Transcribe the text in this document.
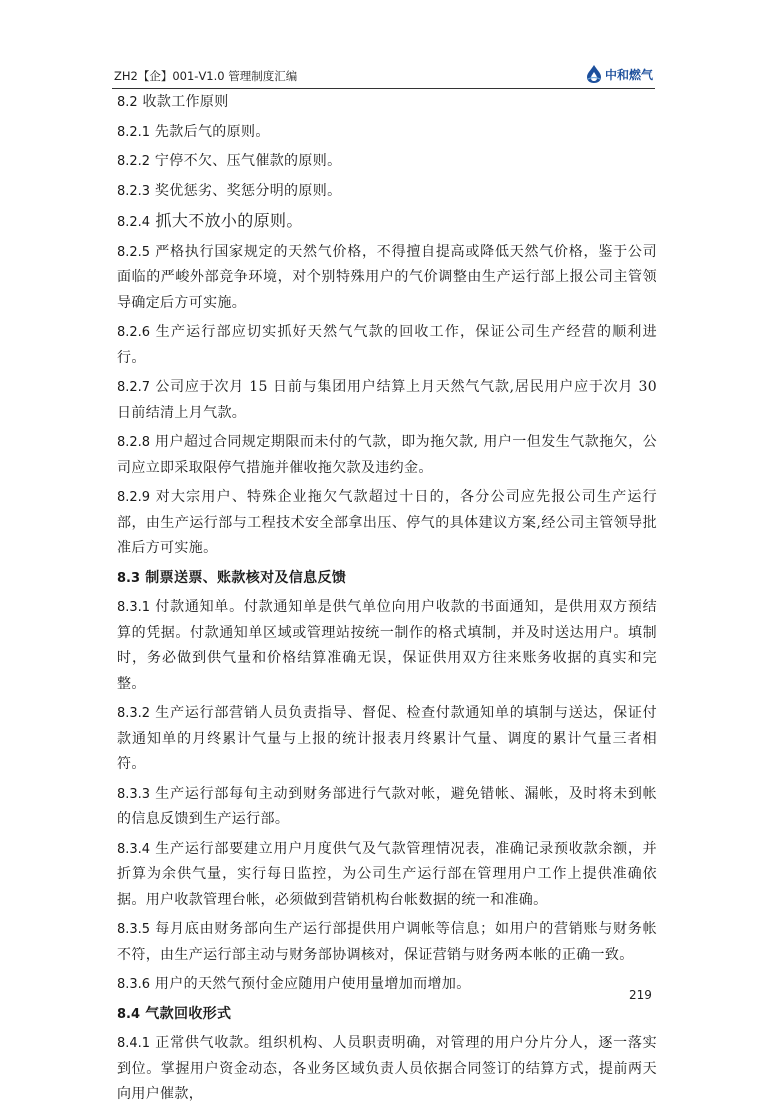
ZH2【企】001-V1.0 管理制度汇编	中和燃气

8.2 收款工作原则

8.2.1 先款后气的原则。

8.2.2 宁停不欠、压气催款的原则。

8.2.3 奖优惩劣、奖惩分明的原则。

8.2.4 抓大不放小的原则。

8.2.5 严格执行国家规定的天然气价格，不得擅自提高或降低天然气价格，鉴于公司面临的严峻外部竞争环境，对个别特殊用户的气价调整由生产运行部上报公司主管领导确定后方可实施。

8.2.6 生产运行部应切实抓好天然气气款的回收工作，保证公司生产经营的顺利进行。

8.2.7 公司应于次月 15 日前与集团用户结算上月天然气气款,居民用户应于次月 30 日前结清上月气款。

8.2.8 用户超过合同规定期限而未付的气款，即为拖欠款, 用户一但发生气款拖欠，公司应立即采取限停气措施并催收拖欠款及违约金。

8.2.9 对大宗用户、特殊企业拖欠气款超过十日的，各分公司应先报公司生产运行部，由生产运行部与工程技术安全部拿出压、停气的具体建议方案,经公司主管领导批准后方可实施。

8.3 制票送票、账款核对及信息反馈

8.3.1 付款通知单。付款通知单是供气单位向用户收款的书面通知，是供用双方预结算的凭据。付款通知单区域或管理站按统一制作的格式填制，并及时送达用户。填制时，务必做到供气量和价格结算准确无误，保证供用双方往来账务收据的真实和完整。

8.3.2 生产运行部营销人员负责指导、督促、检查付款通知单的填制与送达，保证付款通知单的月终累计气量与上报的统计报表月终累计气量、调度的累计气量三者相符。

8.3.3 生产运行部每旬主动到财务部进行气款对帐，避免错帐、漏帐，及时将未到帐的信息反馈到生产运行部。

8.3.4 生产运行部要建立用户月度供气及气款管理情况表，准确记录预收款余额，并折算为余供气量，实行每日监控，为公司生产运行部在管理用户工作上提供准确依据。用户收款管理台帐，必须做到营销机构台帐数据的统一和准确。

8.3.5 每月底由财务部向生产运行部提供用户调帐等信息；如用户的营销账与财务帐不符，由生产运行部主动与财务部协调核对，保证营销与财务两本帐的正确一致。

8.3.6 用户的天然气预付金应随用户使用量增加而增加。

8.4 气款回收形式

8.4.1 正常供气收款。组织机构、人员职责明确，对管理的用户分片分人，逐一落实到位。掌握用户资金动态，各业务区域负责人员依据合同签订的结算方式，提前两天向用户催款，

219
